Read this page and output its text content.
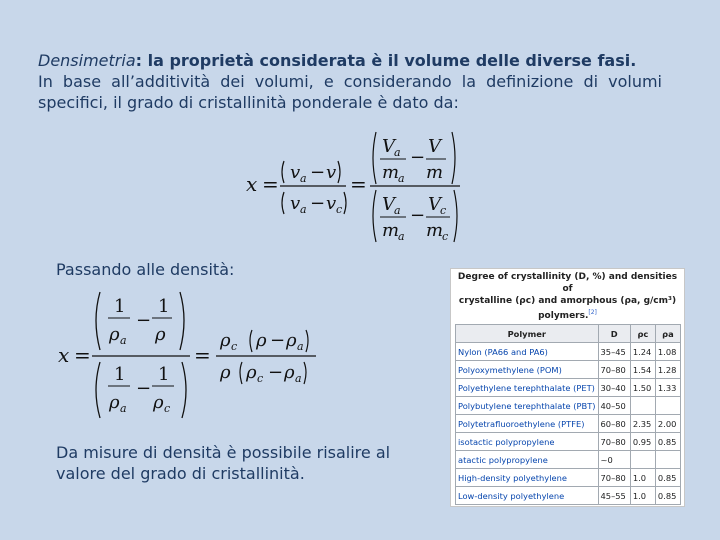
Densimetria: la proprietà considerata è il volume delle diverse fasi.
In base all’additività dei volumi, e considerando la definizione di volumi specifici, il grado di cristallinità ponderale è dato da:
x = v a − v
v a − v c
=
V a
m
a
−
V
m
V a
m
a
−
V c
m
c
Passando alle densità:
x =
1
ρ a
−
1
ρ
1
ρ a
−
1
ρ c
=
ρ c ρ − ρ a
ρ ρ c − ρ a
Da misure di densità è possibile risalire al
valore del grado di cristallinità.
Degree of crystallinity (D, %) and densities of
crystalline (ρc) and amorphous (ρa, g/cm³)
polymers.[2]
Polymer	D	ρc	ρa
Nylon (PA66 and PA6)	35–45	1.24	1.08
Polyoxymethylene (POM)	70–80	1.54	1.28
Polyethylene terephthalate (PET)	30–40	1.50	1.33
Polybutylene terephthalate (PBT)	40–50		
Polytetrafluoroethylene (PTFE)	60–80	2.35	2.00
isotactic polypropylene	70–80	0.95	0.85
atactic polypropylene	~0		
High-density polyethylene	70–80	1.0	0.85
Low-density polyethylene	45–55	1.0	0.85
